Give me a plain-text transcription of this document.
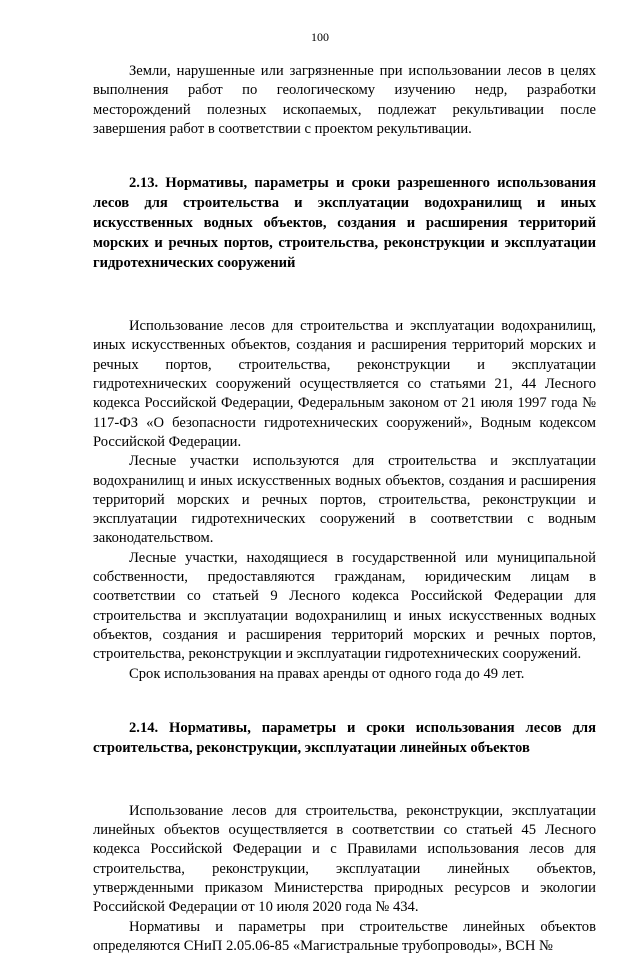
100

Земли, нарушенные или загрязненные при использовании лесов в целях выполнения работ по геологическому изучению недр, разработки месторождений полезных ископаемых, подлежат рекультивации после завершения работ в соответствии с проектом рекультивации.

2.13. Нормативы, параметры и сроки разрешенного использования лесов для строительства и эксплуатации водохранилищ и иных искусственных водных объектов, создания и расширения территорий морских и речных портов, строительства, реконструкции и эксплуатации гидротехнических сооружений

Использование лесов для строительства и эксплуатации водохранилищ, иных искусственных объектов, создания и расширения территорий морских и речных портов, строительства, реконструкции и эксплуатации гидротехнических сооружений осуществляется со статьями 21, 44 Лесного кодекса Российской Федерации, Федеральным законом от 21 июля 1997 года № 117-ФЗ «О безопасности гидротехнических сооружений», Водным кодексом Российской Федерации.

Лесные участки используются для строительства и эксплуатации водохранилищ и иных искусственных водных объектов, создания и расширения территорий морских и речных портов, строительства, реконструкции и эксплуатации гидротехнических сооружений в соответствии с водным законодательством.

Лесные участки, находящиеся в государственной или муниципальной собственности, предоставляются гражданам, юридическим лицам в соответствии со статьей 9 Лесного кодекса Российской Федерации для строительства и эксплуатации водохранилищ и иных искусственных водных объектов, создания и расширения территорий морских и речных портов, строительства, реконструкции и эксплуатации гидротехнических сооружений.

Срок использования на правах аренды от одного года до 49 лет.

2.14. Нормативы, параметры и сроки использования лесов для строительства, реконструкции, эксплуатации линейных объектов

Использование лесов для строительства, реконструкции, эксплуатации линейных объектов осуществляется в соответствии со статьей 45 Лесного кодекса Российской Федерации и с Правилами использования лесов для строительства, реконструкции, эксплуатации линейных объектов, утвержденными приказом Министерства природных ресурсов и экологии Российской Федерации от 10 июля 2020 года № 434.

Нормативы и параметры при строительстве линейных объектов определяются СНиП 2.05.06-85 «Магистральные трубопроводы», ВСН №
